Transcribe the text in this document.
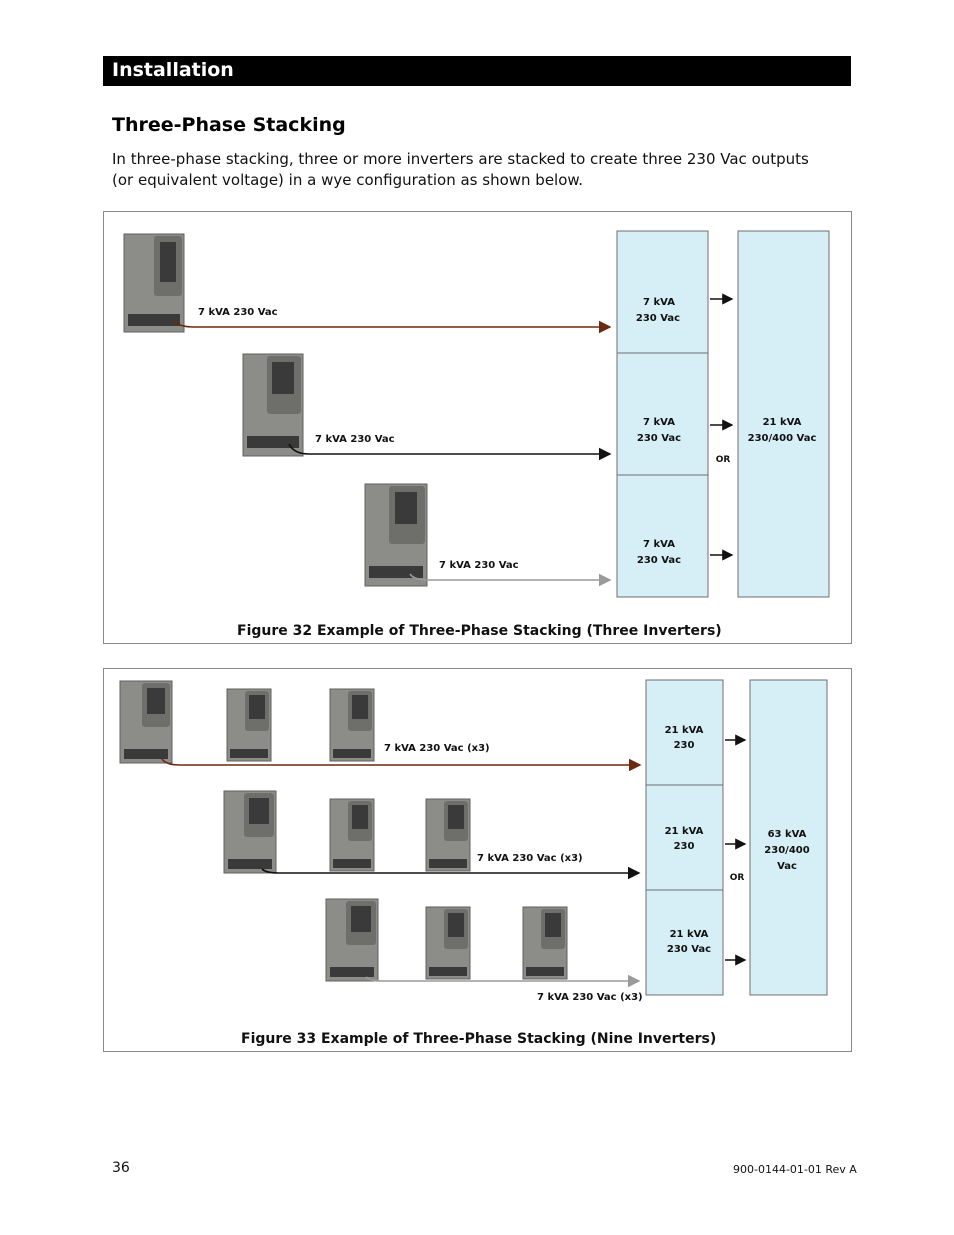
Installation
Three-Phase Stacking
In three-phase stacking, three or more inverters are stacked to create three 230 Vac outputs (or equivalent voltage) in a wye configuration as shown below.
7 kVA 230 Vac
7 kVA 230 Vac
7 kVA 230 Vac
7 kVA
230 Vac
7 kVA
230 Vac
7 kVA
230 Vac
OR
21 kVA
230/400 Vac
Figure 32 Example of Three-Phase Stacking (Three Inverters)
7 kVA 230 Vac (x3)
7 kVA 230 Vac (x3)
7 kVA 230 Vac (x3)
21 kVA
230
21 kVA
230
21 kVA
230 Vac
OR
63 kVA
230/400
Vac
Figure 33 Example of Three-Phase Stacking (Nine Inverters)
36	900-0144-01-01 Rev A
